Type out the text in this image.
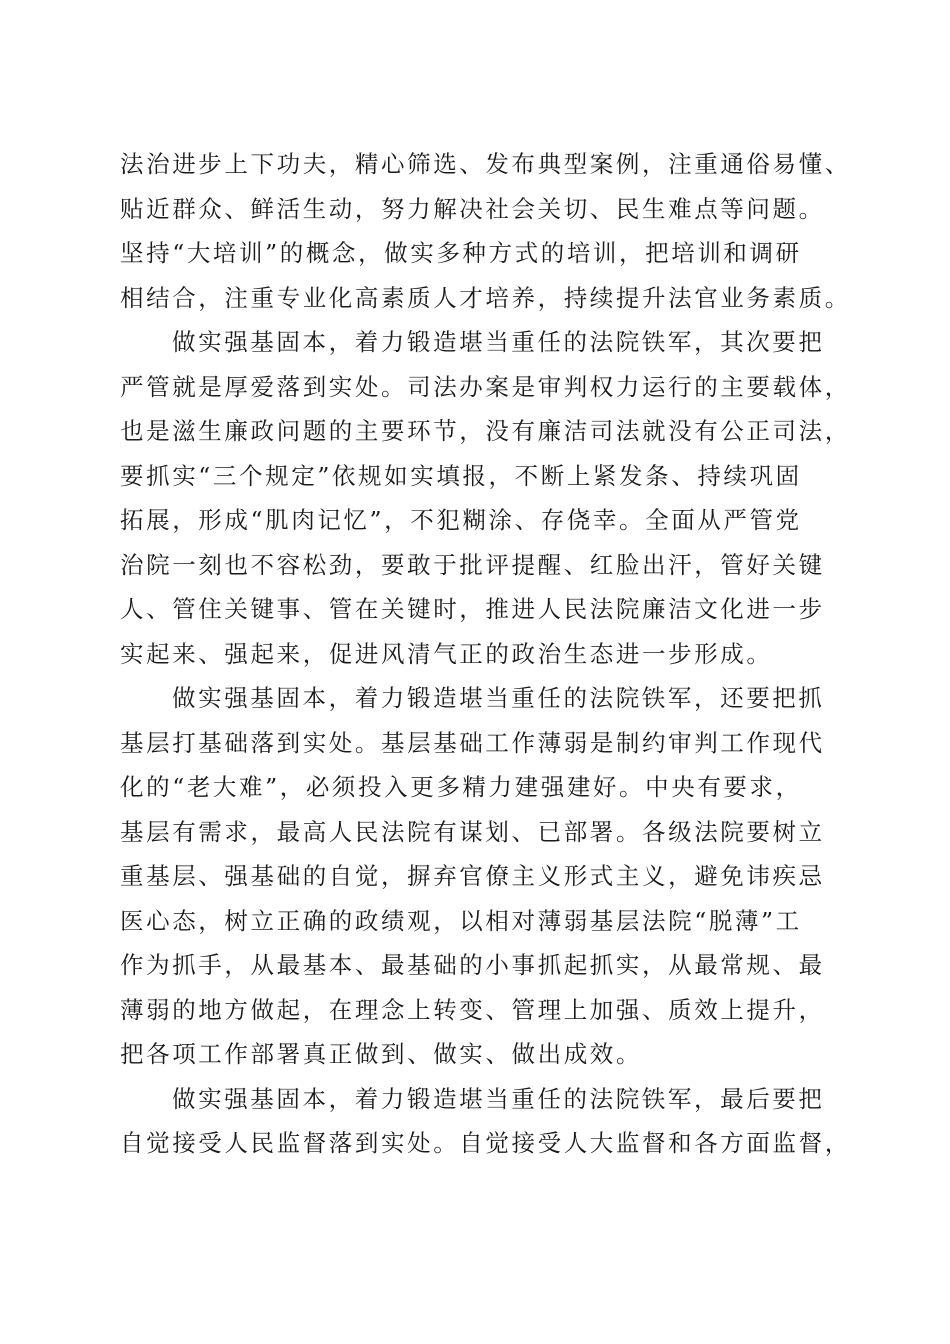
法治进步上下功夫，精心筛选、发布典型案例，注重通俗易懂、
贴近群众、鲜活生动，努力解决社会关切、民生难点等问题。
坚持“大培训”的概念，做实多种方式的培训，把培训和调研
相结合，注重专业化高素质人才培养，持续提升法官业务素质。
做实强基固本，着力锻造堪当重任的法院铁军，其次要把
严管就是厚爱落到实处。司法办案是审判权力运行的主要载体，
也是滋生廉政问题的主要环节，没有廉洁司法就没有公正司法，
要抓实“三个规定”依规如实填报，不断上紧发条、持续巩固
拓展，形成“肌肉记忆”，不犯糊涂、存侥幸。全面从严管党
治院一刻也不容松劲，要敢于批评提醒、红脸出汗，管好关键
人、管住关键事、管在关键时，推进人民法院廉洁文化进一步
实起来、强起来，促进风清气正的政治生态进一步形成。
做实强基固本，着力锻造堪当重任的法院铁军，还要把抓
基层打基础落到实处。基层基础工作薄弱是制约审判工作现代
化的“老大难”，必须投入更多精力建强建好。中央有要求，
基层有需求，最高人民法院有谋划、已部署。各级法院要树立
重基层、强基础的自觉，摒弃官僚主义形式主义，避免讳疾忌
医心态，树立正确的政绩观，以相对薄弱基层法院“脱薄”工
作为抓手，从最基本、最基础的小事抓起抓实，从最常规、最
薄弱的地方做起，在理念上转变、管理上加强、质效上提升，
把各项工作部署真正做到、做实、做出成效。
做实强基固本，着力锻造堪当重任的法院铁军，最后要把
自觉接受人民监督落到实处。自觉接受人大监督和各方面监督，
